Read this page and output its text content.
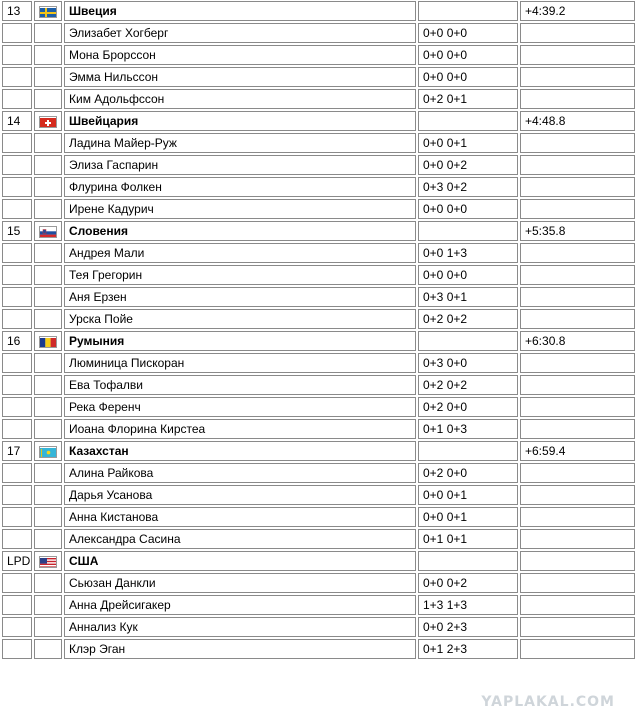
13		Швеция		+4:39.2
		Элизабет Хогберг	0+0 0+0	
		Мона Брорссон	0+0 0+0	
		Эмма Нильссон	0+0 0+0	
		Ким Адольфссон	0+2 0+1	
14		Швейцария		+4:48.8
		Ладина Майер-Руж	0+0 0+1	
		Элиза Гаспарин	0+0 0+2	
		Флурина Фолкен	0+3 0+2	
		Ирене Кадурич	0+0 0+0	
15		Словения		+5:35.8
		Андрея Мали	0+0 1+3	
		Тея Грегорин	0+0 0+0	
		Аня Ерзен	0+3 0+1	
		Урска Пойе	0+2 0+2	
16		Румыния		+6:30.8
		Люминица Пискоран	0+3 0+0	
		Ева Тофалви	0+2 0+2	
		Река Ференч	0+2 0+0	
		Иоана Флорина Кирстеа	0+1 0+3	
17		Казахстан		+6:59.4
		Алина Райкова	0+2 0+0	
		Дарья Усанова	0+0 0+1	
		Анна Кистанова	0+0 0+1	
		Александра Сасина	0+1 0+1	
LPD		США		
		Сьюзан Данкли	0+0 0+2	
		Анна Дрейсигакер	1+3 1+3	
		Аннализ Кук	0+0 2+3	
		Клэр Эган	0+1 2+3	
YAPLAKAL.COM
